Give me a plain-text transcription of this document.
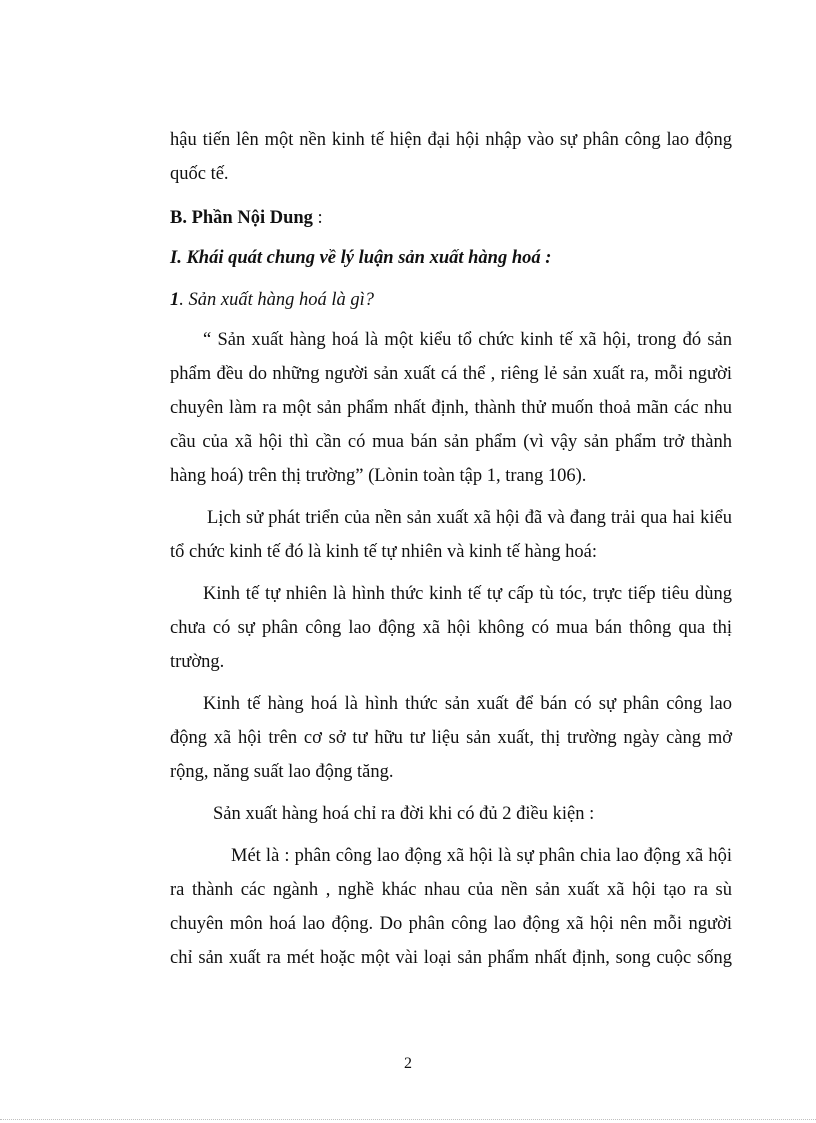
hậu tiến lên một nền kinh tế hiện đại hội nhập vào sự phân công lao động
quốc tế.
B. Phần Nội Dung :
I. Khái quát chung về lý luận sản xuất hàng hoá :
1. Sản xuất hàng hoá là gì?
“ Sản xuất hàng hoá là một kiểu tổ chức kinh tế xã hội, trong đó sản
phẩm đều do những người sản xuất cá thể , riêng lẻ sản xuất ra, mỗi người
chuyên làm ra một sản phẩm nhất định, thành thử muốn thoả mãn các nhu
cầu của xã hội thì cần có mua bán sản phẩm (vì vậy sản phẩm trở thành
hàng hoá) trên thị trường” (Lònin toàn tập 1, trang 106).
Lịch sử phát triển của nền sản xuất xã hội đã và đang trải qua hai kiểu
tổ chức kinh tế đó là kinh tế tự nhiên và kinh tế hàng hoá:
Kinh tế tự nhiên là hình thức kinh tế tự cấp tù tóc, trực tiếp tiêu dùng
chưa có sự phân công lao động xã hội không có mua bán thông qua thị
trường.
Kinh tế hàng hoá là hình thức sản xuất để bán có sự phân công lao
động xã hội trên cơ sở tư hữu tư liệu sản xuất, thị trường ngày càng mở
rộng, năng suất lao động tăng.
Sản xuất hàng hoá chỉ ra đời khi có đủ 2 điều kiện :
Mét là : phân công lao động xã hội là sự phân chia lao động xã hội
ra thành các ngành , nghề khác nhau của nền sản xuất xã hội tạo ra sù
chuyên môn hoá lao động. Do phân công lao động xã hội nên mỗi người
chỉ sản xuất ra mét hoặc một vài loại sản phẩm nhất định, song cuộc sống
2
